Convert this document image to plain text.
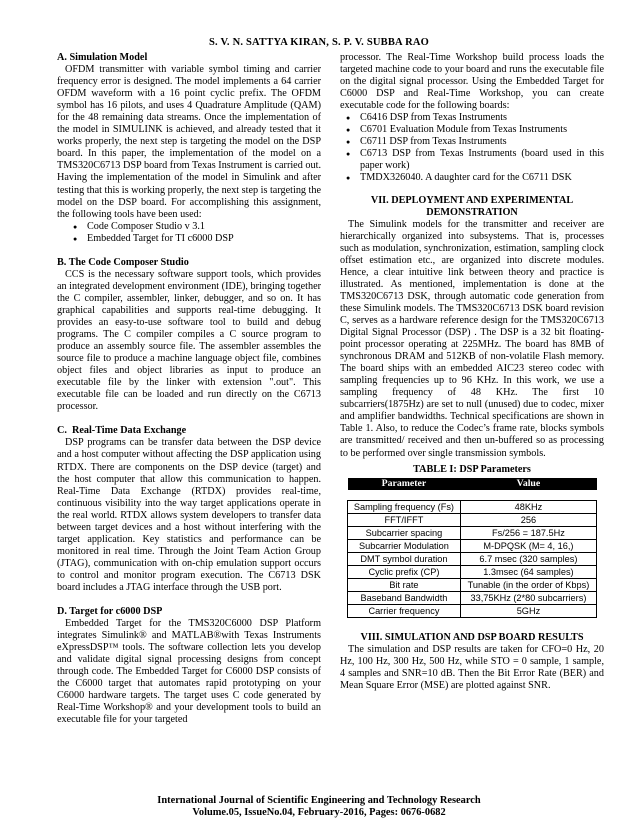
S. V. N. SATTYA KIRAN, S. P. V. SUBBA RAO
A. Simulation Model

OFDM transmitter with variable symbol timing and carrier frequency error is designed. The model implements a 64 carrier OFDM waveform with a 16 point cyclic prefix. The OFDM symbol has 16 pilots, and uses 4 Quadrature Amplitude (QAM) for the 48 remaining data streams. Once the implementation of the model in SIMULINK is achieved, and already tested that it works properly, the next step is targeting the model on the DSP board. In this paper, the implementation of the model on a TMS320C6713 DSP board from Texas Instrument is carried out. Having the implementation of the model in Simulink and after testing that this is working properly, the next step is targeting the model on the DSP board. For accomplishing this assignment, the following tools have been used:

● Code Composer Studio v 3.1
● Embedded Target for TI c6000 DSP
B. The Code Composer Studio

CCS is the necessary software support tools, which provides an integrated development environment (IDE), bringing together the C compiler, assembler, linker, debugger, and so on. It has graphical capabilities and supports real-time debugging. It provides an easy-to-use software tool to build and debug programs. The C compiler compiles a C source program to produce an assembly source file. The assembler assembles the source file to produce a machine language object file, combines object files and object libraries as input to produce an executable file by the linker with extension ".out". This executable file can be loaded and run directly on the C6713 processor.

C.  Real-Time Data Exchange

DSP programs can be transfer data between the DSP device and a host computer without affecting the DSP application using RTDX. There are components on the DSP device (target) and the host computer that allow this communication to happen. Real-Time Data Exchange (RTDX) provides real-time, continuous visibility into the way target applications operate in the real world. RTDX allows system developers to transfer data between target devices and a host without interfering with the target application. Key statistics and performance can be monitored in real time. Through the Joint Team Action Group (JTAG), communication with on-chip emulation support occurs to control and monitor program execution. The C6713 DSK board includes a JTAG interface through the USB port.

D. Target for c6000 DSP

Embedded Target for the TMS320C6000 DSP Platform integrates Simulink® and MATLAB®with Texas Instruments eXpressDSP™ tools. The software collection lets you develop and validate digital signal processing designs from concept through code. The Embedded Target for C6000 DSP consists of the C6000 target that automates rapid prototyping on your C6000 hardware targets. The target uses C code generated by Real-Time Workshop® and your development tools to build an executable file for your targeted

processor. The Real-Time Workshop build process loads the targeted machine code to your board and runs the executable file on the digital signal processor. Using the Embedded Target for C6000 DSP and Real-Time Workshop, you can create executable code for the following boards:

● C6416 DSP from Texas Instruments
● C6701 Evaluation Module from Texas Instruments
● C6711 DSP from Texas Instruments
● C6713 DSP from Texas Instruments (board used in this paper work)
● TMDX326040. A daughter card for the C6711 DSK
VII. DEPLOYMENT AND EXPERIMENTAL DEMONSTRATION

The Simulink models for the transmitter and receiver are hierarchically organized into subsystems. That is, processes such as modulation, synchronization, estimation, sampling clock offset estimation etc., are organized into discrete modules. Hence, a clear intuitive link between theory and practice is illustrated. As mentioned, implementation is done at the TMS320C6713 DSK, through automatic code generation from these Simulink models. The TMS320C6713 DSK board revision C, serves as a hardware reference design for the TMS320C6713 Digital Signal Processor (DSP) . The DSP is a 32 bit floating-point processor operating at 225MHz. The board has 8MB of synchronous DRAM and 512KB of non-volatile Flash memory. The board ships with an embedded AIC23 stereo codec with sampling frequencies up to 96 KHz. In this work, we use a sampling frequency of 48 KHz. The first 10 subcarriers(1875Hz) are set to null (unused) due to codec, mixer and amplifier bandwidths. Technical specifications are shown in Table 1. Also, to reduce the Codec’s frame rate, blocks symbols are transmitted/ received and then un-buffered so as processing to be performed over single transmission symbols.

TABLE I: DSP Parameters
Parameter	Value

Sampling frequency (Fs)	48KHz
FFT/IFFT	256
Subcarrier spacing	Fs/256 = 187.5Hz
Subcarrier Modulation	M-DPQSK (M= 4, 16,)
DMT symbol duration	6.7 msec (320 samples)
Cyclic prefix (CP)	1.3msec (64 samples)
Bit rate	Tunable (in the order of Kbps)
Baseband Bandwidth	33,75KHz (2*80 subcarriers)
Carrier frequency	5GHz
VIII. SIMULATION AND DSP BOARD RESULTS

The simulation and DSP results are taken for CFO=0 Hz, 20 Hz, 100 Hz, 300 Hz, 500 Hz, while STO = 0 sample, 1 sample, 4 samples and SNR=10 dB. Then the Bit Error Rate (BER) and Mean Square Error (MSE) are plotted against SNR.

International Journal of Scientific Engineering and Technology Research
Volume.05, IssueNo.04, February-2016, Pages: 0676-0682
